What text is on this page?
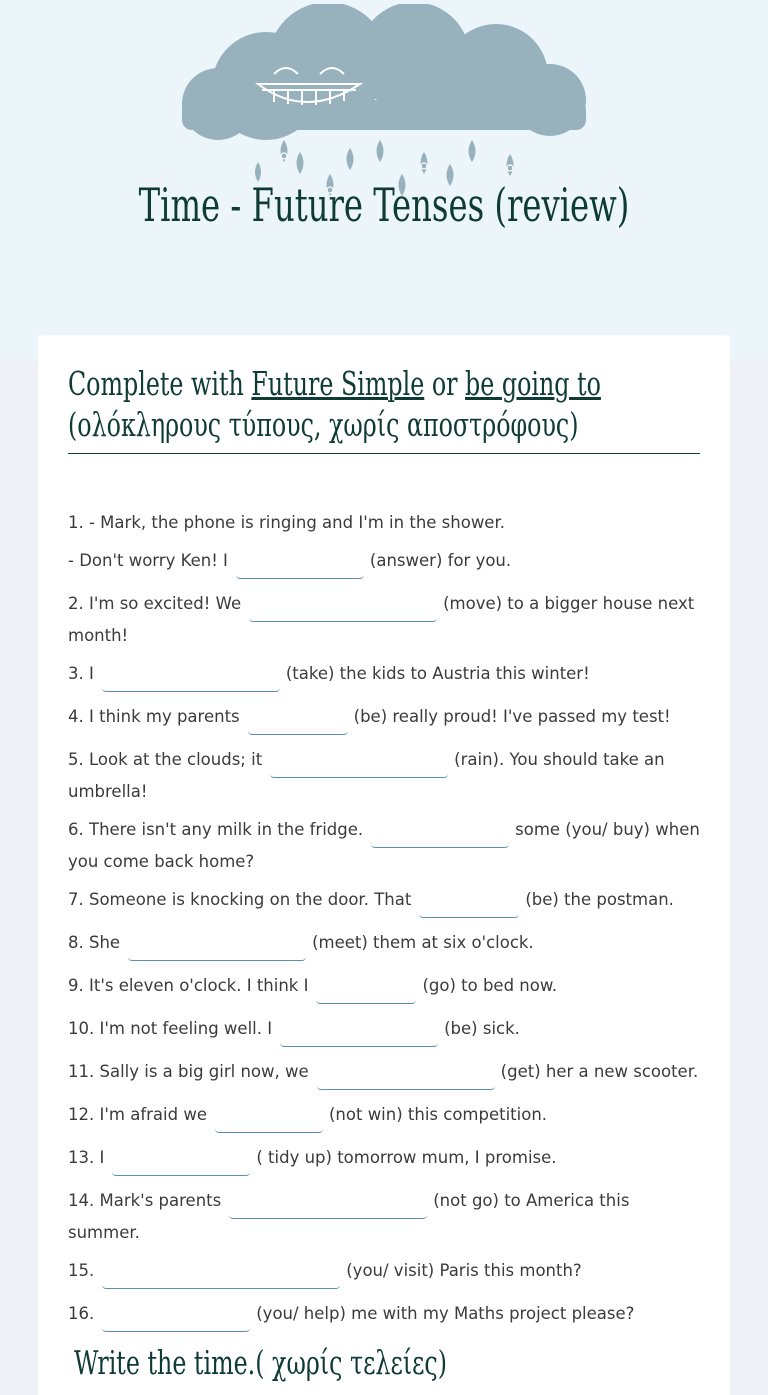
Time - Future Tenses (review)
Complete with Future Simple or be going to (ολόκληρους τύπους, χωρίς αποστρόφους)
1. - Mark, the phone is ringing and I'm in the shower.
- Don't worry Ken! I	(answer) for you.
2. I'm so excited! We	(move) to a bigger house next month!
3. I	(take) the kids to Austria this winter!
4. I think my parents	(be) really proud! I've passed my test!
5. Look at the clouds; it	(rain). You should take an umbrella!
6. There isn't any milk in the fridge.	some (you/ buy) when you come back home?
7. Someone is knocking on the door. That	(be) the postman.
8. She	(meet) them at six o'clock.
9. It's eleven o'clock. I think I	(go) to bed now.
10. I'm not feeling well. I	(be) sick.
11. Sally is a big girl now, we	(get) her a new scooter.
12. I'm afraid we	(not win) this competition.
13. I	( tidy up) tomorrow mum, I promise.
14. Mark's parents	(not go) to America this summer.
15.	(you/ visit) Paris this month?
16.	(you/ help) me with my Maths project please?
Write the time.( χωρίς τελείες)
